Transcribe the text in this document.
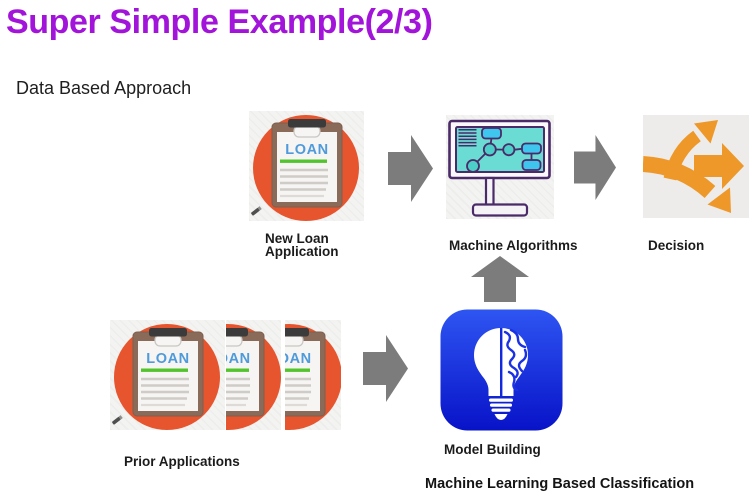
Super Simple Example(2/3)
Data Based Approach
New Loan
Application	Machine Algorithms	Decision
Prior Applications
Model Building
Machine Learning Based Classification
